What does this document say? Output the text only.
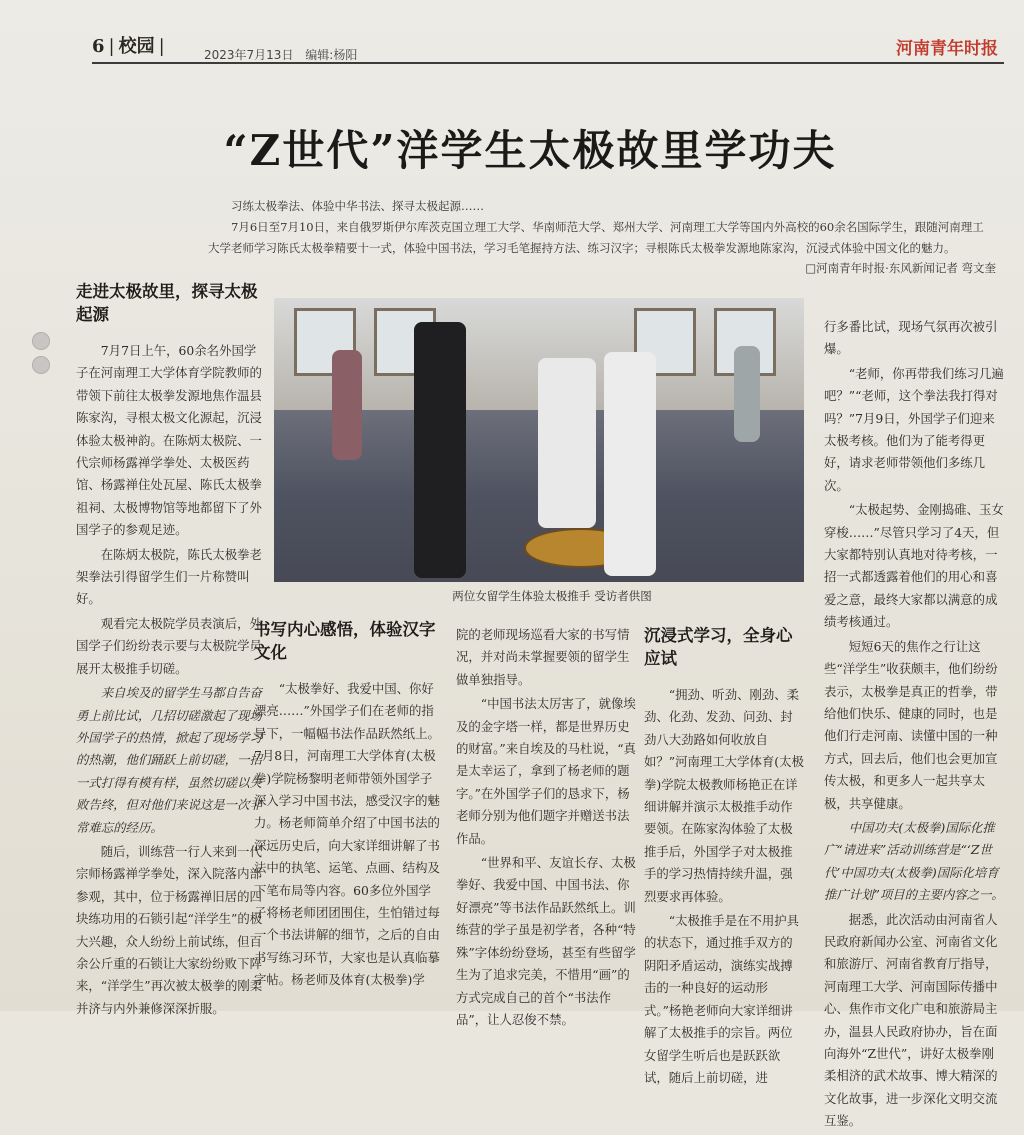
6 | 校园 |	2023年7月13日 编辑:杨阳	河南青年时报
“Z世代”洋学生太极故里学功夫

习练太极拳法、体验中华书法、探寻太极起源……

7月6日至7月10日，来自俄罗斯伊尔库茨克国立理工大学、华南师范大学、郑州大学、河南理工大学等国内外高校的60余名国际学生，跟随河南理工大学老师学习陈氏太极拳精要十一式，体验中国书法，学习毛笔握持方法、练习汉字；寻根陈氏太极拳发源地陈家沟，沉浸式体验中国文化的魅力。

□河南青年时报·东风新闻记者 弯文奎
走进太极故里，探寻太极起源

7月7日上午，60余名外国学子在河南理工大学体育学院教师的带领下前往太极拳发源地焦作温县陈家沟，寻根太极文化源起，沉浸体验太极神韵。在陈炳太极院、一代宗师杨露禅学拳处、太极医药馆、杨露禅住处瓦屋、陈氏太极拳祖祠、太极博物馆等地都留下了外国学子的参观足迹。

在陈炳太极院，陈氏太极拳老架拳法引得留学生们一片称赞叫好。

观看完太极院学员表演后，外国学子们纷纷表示要与太极院学员展开太极推手切磋。

来自埃及的留学生马都自告奋勇上前比试，几招切磋激起了现场外国学子的热情，掀起了现场学习的热潮，他们踊跃上前切磋，一招一式打得有模有样，虽然切磋以失败告终，但对他们来说这是一次非常难忘的经历。

随后，训练营一行人来到一代宗师杨露禅学拳处，深入院落内部参观，其中，位于杨露禅旧居的四块练功用的石锁引起“洋学生”的极大兴趣，众人纷纷上前试练，但百余公斤重的石锁让大家纷纷败下阵来，“洋学生”再次被太极拳的刚柔并济与内外兼修深深折服。

两位女留学生体验太极推手 受访者供图
书写内心感悟，体验汉字文化

“太极拳好、我爱中国、你好漂亮……”外国学子们在老师的指导下，一幅幅书法作品跃然纸上。7月8日，河南理工大学体育(太极拳)学院杨黎明老师带领外国学子深入学习中国书法，感受汉字的魅力。杨老师简单介绍了中国书法的深远历史后，向大家详细讲解了书法中的执笔、运笔、点画、结构及下笔布局等内容。60多位外国学子将杨老师团团围住，生怕错过每一个书法讲解的细节，之后的自由书写练习环节，大家也是认真临摹字帖。杨老师及体育(太极拳)学

院的老师现场巡看大家的书写情况，并对尚未掌握要领的留学生做单独指导。

“中国书法太厉害了，就像埃及的金字塔一样，都是世界历史的财富。”来自埃及的马杜说，“真是太幸运了，拿到了杨老师的题字。”在外国学子们的恳求下，杨老师分别为他们题字并赠送书法作品。

“世界和平、友谊长存、太极拳好、我爱中国、中国书法、你好漂亮”等书法作品跃然纸上。训练营的学子虽是初学者，各种“特殊”字体纷纷登场，甚至有些留学生为了追求完美，不惜用“画”的方式完成自己的首个“书法作品”，让人忍俊不禁。

沉浸式学习，全身心应试

“拥劲、听劲、刚劲、柔劲、化劲、发劲、问劲、封劲八大劲路如何收放自如？”河南理工大学体育(太极拳)学院太极教师杨艳正在详细讲解并演示太极推手动作要领。在陈家沟体验了太极推手后，外国学子对太极推手的学习热情持续升温，强烈要求再体验。

“太极推手是在不用护具的状态下，通过推手双方的阴阳矛盾运动，演练实战搏击的一种良好的运动形式。”杨艳老师向大家详细讲解了太极推手的宗旨。两位女留学生听后也是跃跃欲试，随后上前切磋，进

行多番比试，现场气氛再次被引爆。

“老师，你再带我们练习几遍吧？”“老师，这个拳法我打得对吗？”7月9日，外国学子们迎来太极考核。他们为了能考得更好，请求老师带领他们多练几次。

“太极起势、金刚捣碓、玉女穿梭……”尽管只学习了4天，但大家都特别认真地对待考核，一招一式都透露着他们的用心和喜爱之意，最终大家都以满意的成绩考核通过。

短短6天的焦作之行让这些“洋学生”收获颇丰，他们纷纷表示，太极拳是真正的哲拳，带给他们快乐、健康的同时，也是他们行走河南、读懂中国的一种方式，回去后，他们也会更加宣传太极，和更多人一起共享太极，共享健康。

中国功夫(太极拳)国际化推广“请进来”活动训练营是“‘Z世代’中国功夫(太极拳)国际化培育推广计划”项目的主要内容之一。

据悉，此次活动由河南省人民政府新闻办公室、河南省文化和旅游厅、河南省教育厅指导，河南理工大学、河南国际传播中心、焦作市文化广电和旅游局主办，温县人民政府协办，旨在面向海外“Z世代”，讲好太极拳刚柔相济的武术故事、博大精深的文化故事，进一步深化文明交流互鉴。
